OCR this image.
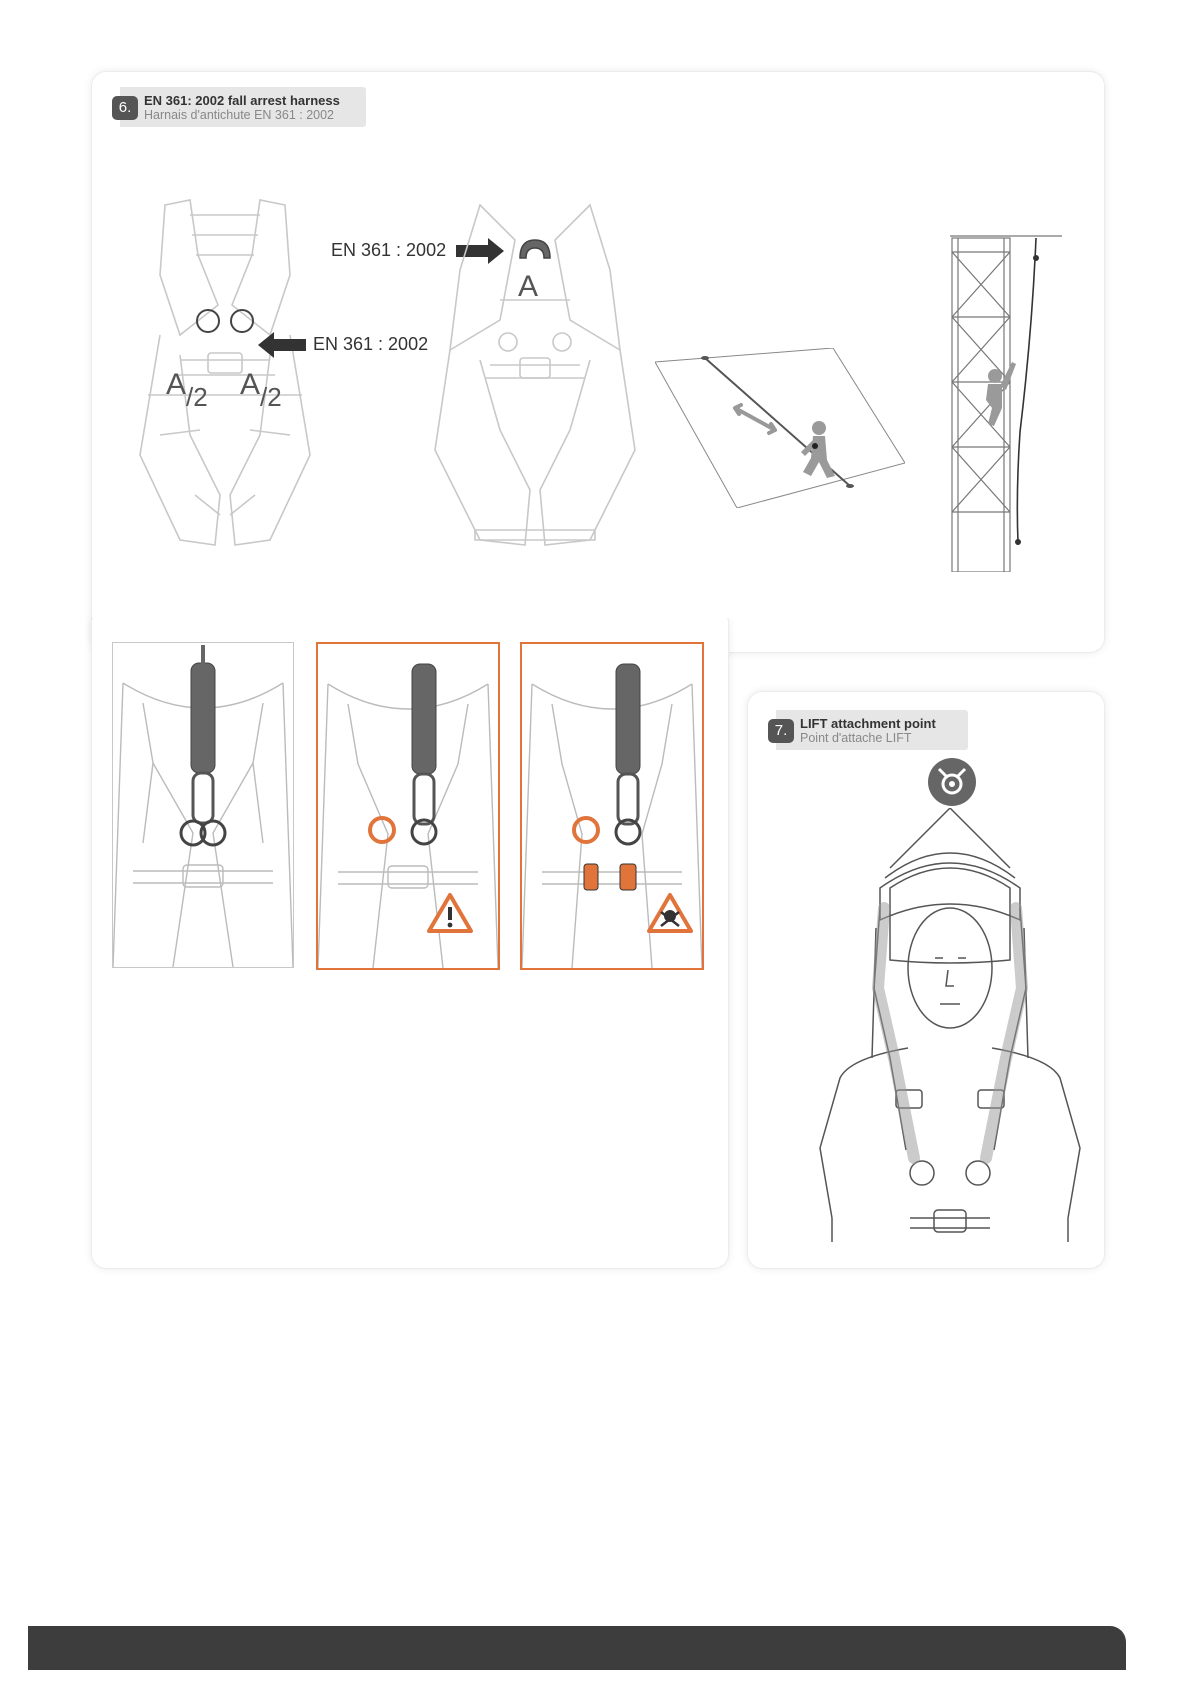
6. EN 361: 2002 fall arrest harness
Harnais d'antichute EN 361 : 2002
$A_{/2}$ $A_{/2}$
EN 361 : 2002
EN 361 : 2002
A
7. LIFT attachment point
Point d'attache LIFT
